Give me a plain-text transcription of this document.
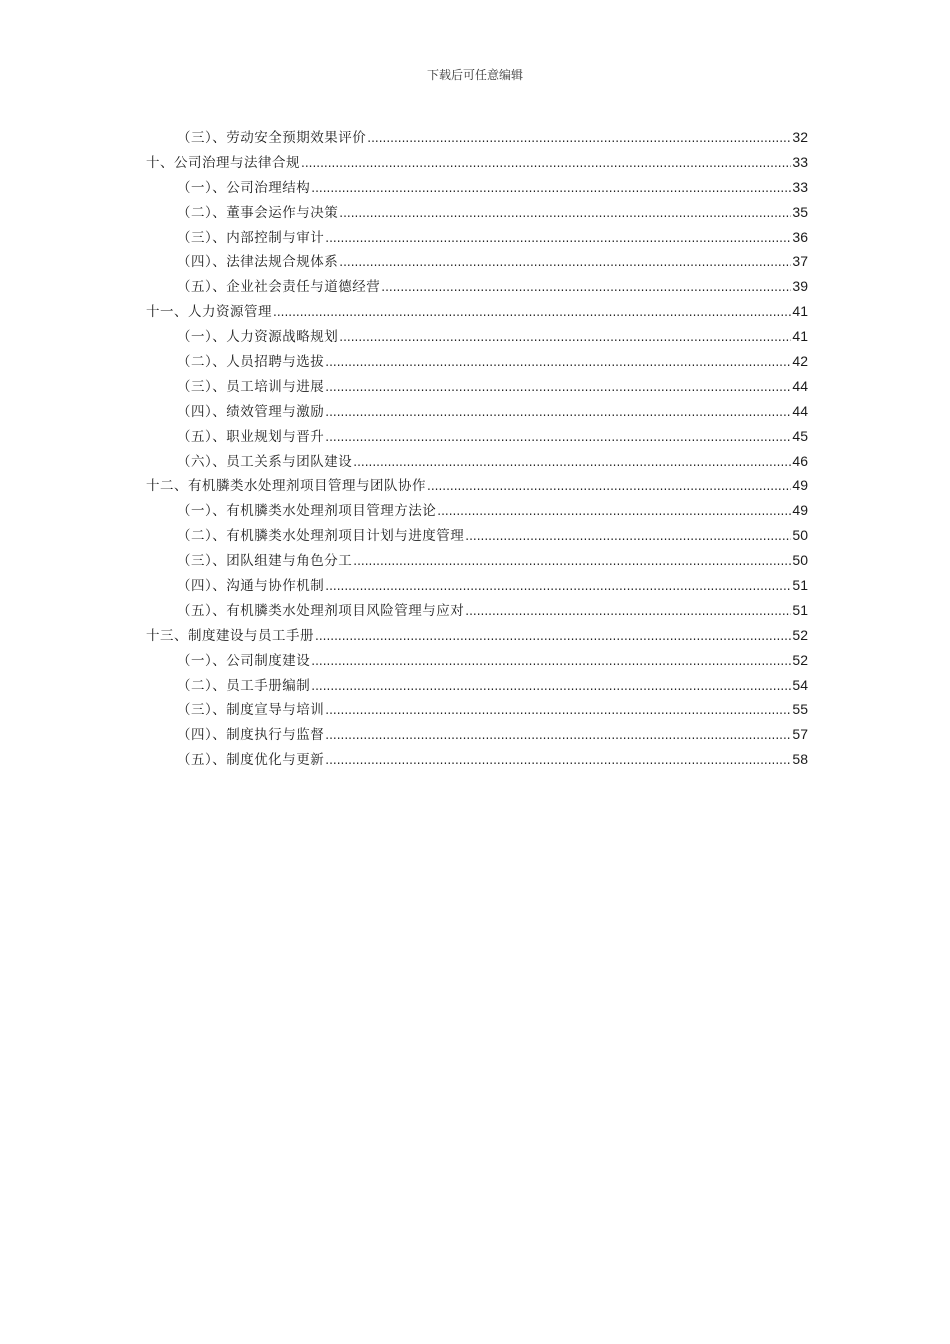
下载后可任意编辑
（三）、劳动安全预期效果评价 .....	32
十、公司治理与法律合规 .....	33
（一）、公司治理结构 .....	33
（二）、董事会运作与决策 .....	35
（三）、内部控制与审计 .....	36
（四）、法律法规合规体系 .....	37
（五）、企业社会责任与道德经营 .....	39
十一、人力资源管理 .....	41
（一）、人力资源战略规划 .....	41
（二）、人员招聘与选拔 .....	42
（三）、员工培训与进展 .....	44
（四）、绩效管理与激励 .....	44
（五）、职业规划与晋升 .....	45
（六）、员工关系与团队建设 .....	46
十二、有机膦类水处理剂项目管理与团队协作 .....	49
（一）、有机膦类水处理剂项目管理方法论 .....	49
（二）、有机膦类水处理剂项目计划与进度管理 .....	50
（三）、团队组建与角色分工 .....	50
（四）、沟通与协作机制 .....	51
（五）、有机膦类水处理剂项目风险管理与应对 .....	51
十三、制度建设与员工手册 .....	52
（一）、公司制度建设 .....	52
（二）、员工手册编制 .....	54
（三）、制度宣导与培训 .....	55
（四）、制度执行与监督 .....	57
（五）、制度优化与更新 .....	58
